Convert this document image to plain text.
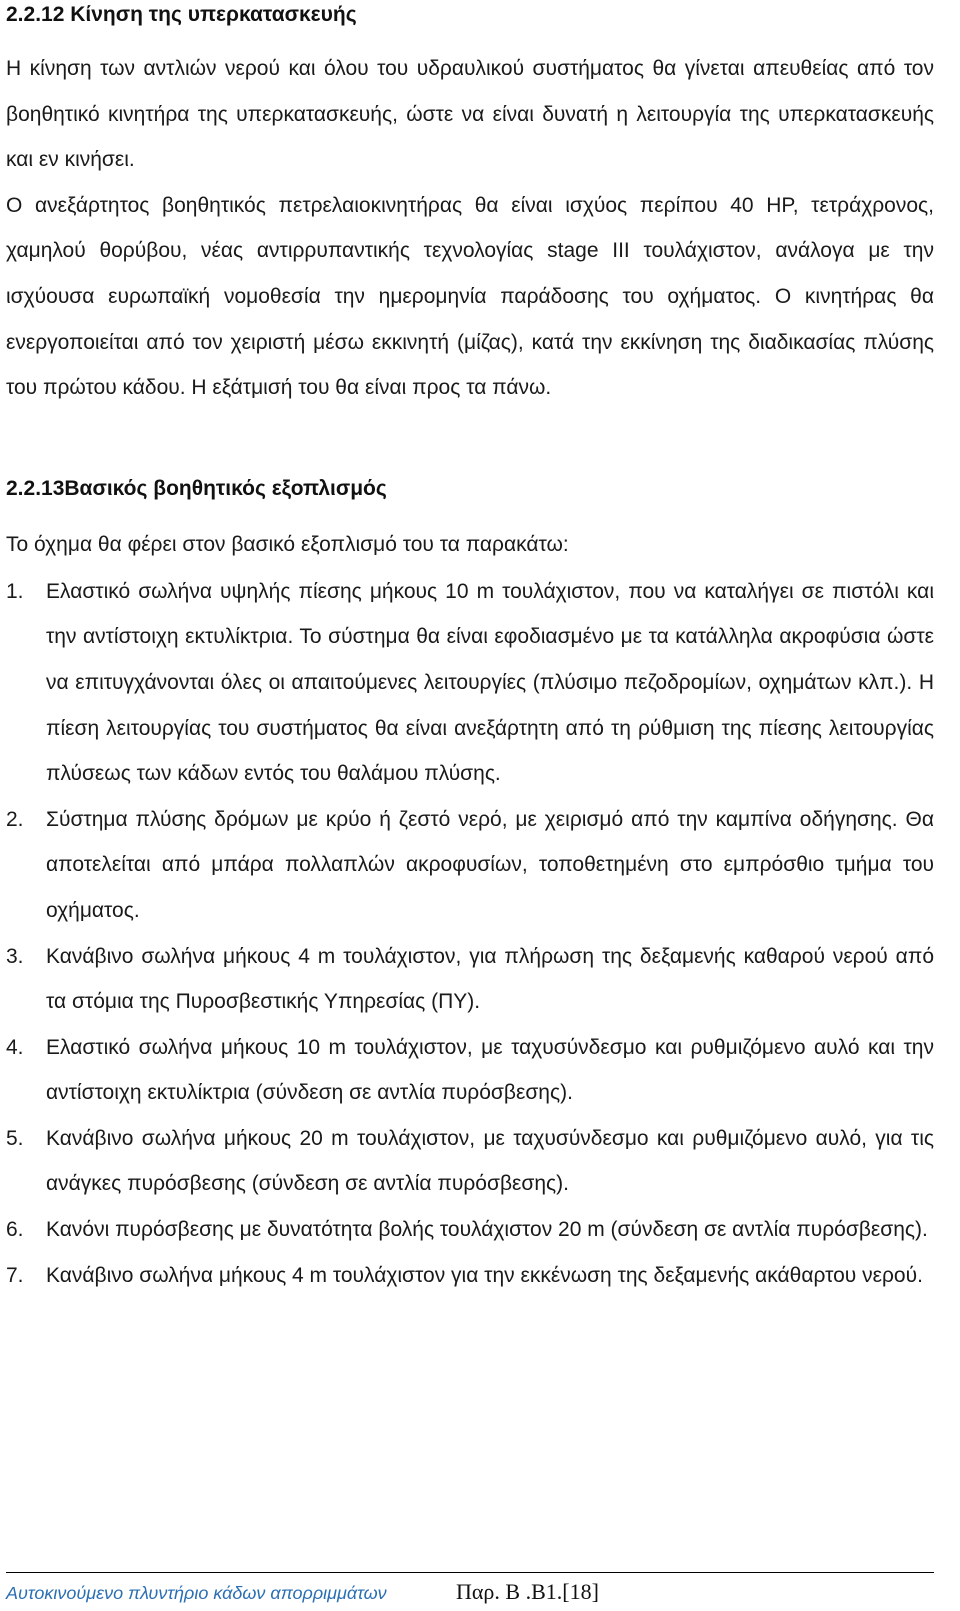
2.2.12 Κίνηση της υπερκατασκευής

Η κίνηση των αντλιών νερού και όλου του υδραυλικού συστήματος θα γίνεται απευθείας από τον βοηθητικό κινητήρα της υπερκατασκευής, ώστε να είναι δυνατή η λειτουργία της υπερκατασκευής και εν κινήσει.

Ο ανεξάρτητος βοηθητικός πετρελαιοκινητήρας θα είναι ισχύος περίπου 40 HP, τετράχρονος, χαμηλού θορύβου, νέας αντιρρυπαντικής τεχνολογίας stage III τουλάχιστον, ανάλογα με την ισχύουσα ευρωπαϊκή νομοθεσία την ημερομηνία παράδοσης του οχήματος. Ο κινητήρας θα ενεργοποιείται από τον χειριστή μέσω εκκινητή (μίζας), κατά την εκκίνηση της διαδικασίας πλύσης του πρώτου κάδου. Η εξάτμισή του θα είναι προς τα πάνω.

2.2.13Βασικός βοηθητικός εξοπλισμός

Το όχημα θα φέρει στον βασικό εξοπλισμό του τα παρακάτω:

1. Ελαστικό σωλήνα υψηλής πίεσης μήκους 10 m τουλάχιστον, που να καταλήγει σε πιστόλι και την αντίστοιχη εκτυλίκτρια. Το σύστημα θα είναι εφοδιασμένο με τα κατάλληλα ακροφύσια ώστε να επιτυγχάνονται όλες οι απαιτούμενες λειτουργίες (πλύσιμο πεζοδρομίων, οχημάτων κλπ.). Η πίεση λειτουργίας του συστήματος θα είναι ανεξάρτητη από τη ρύθμιση της πίεσης λειτουργίας πλύσεως των κάδων εντός του θαλάμου πλύσης.
2. Σύστημα πλύσης δρόμων με κρύο ή ζεστό νερό, με χειρισμό από την καμπίνα οδήγησης. Θα αποτελείται από μπάρα πολλαπλών ακροφυσίων, τοποθετημένη στο εμπρόσθιο τμήμα του οχήματος.
3. Κανάβινο σωλήνα μήκους 4 m τουλάχιστον, για πλήρωση της δεξαμενής καθαρού νερού από τα στόμια της Πυροσβεστικής Υπηρεσίας (ΠΥ).
4. Ελαστικό σωλήνα μήκους 10 m τουλάχιστον, με ταχυσύνδεσμο και ρυθμιζόμενο αυλό και την αντίστοιχη εκτυλίκτρια (σύνδεση σε αντλία πυρόσβεσης).
5. Κανάβινο σωλήνα μήκους 20 m τουλάχιστον, με ταχυσύνδεσμο και ρυθμιζόμενο αυλό, για τις ανάγκες πυρόσβεσης (σύνδεση σε αντλία πυρόσβεσης).
6. Κανόνι πυρόσβεσης με δυνατότητα βολής τουλάχιστον 20 m (σύνδεση σε αντλία πυρόσβεσης).
7. Κανάβινο σωλήνα μήκους 4 m τουλάχιστον για την εκκένωση της δεξαμενής ακάθαρτου νερού.
Αυτοκινούμενο πλυντήριο κάδων απορριμμάτων	Παρ. Β .Β1.[18]
